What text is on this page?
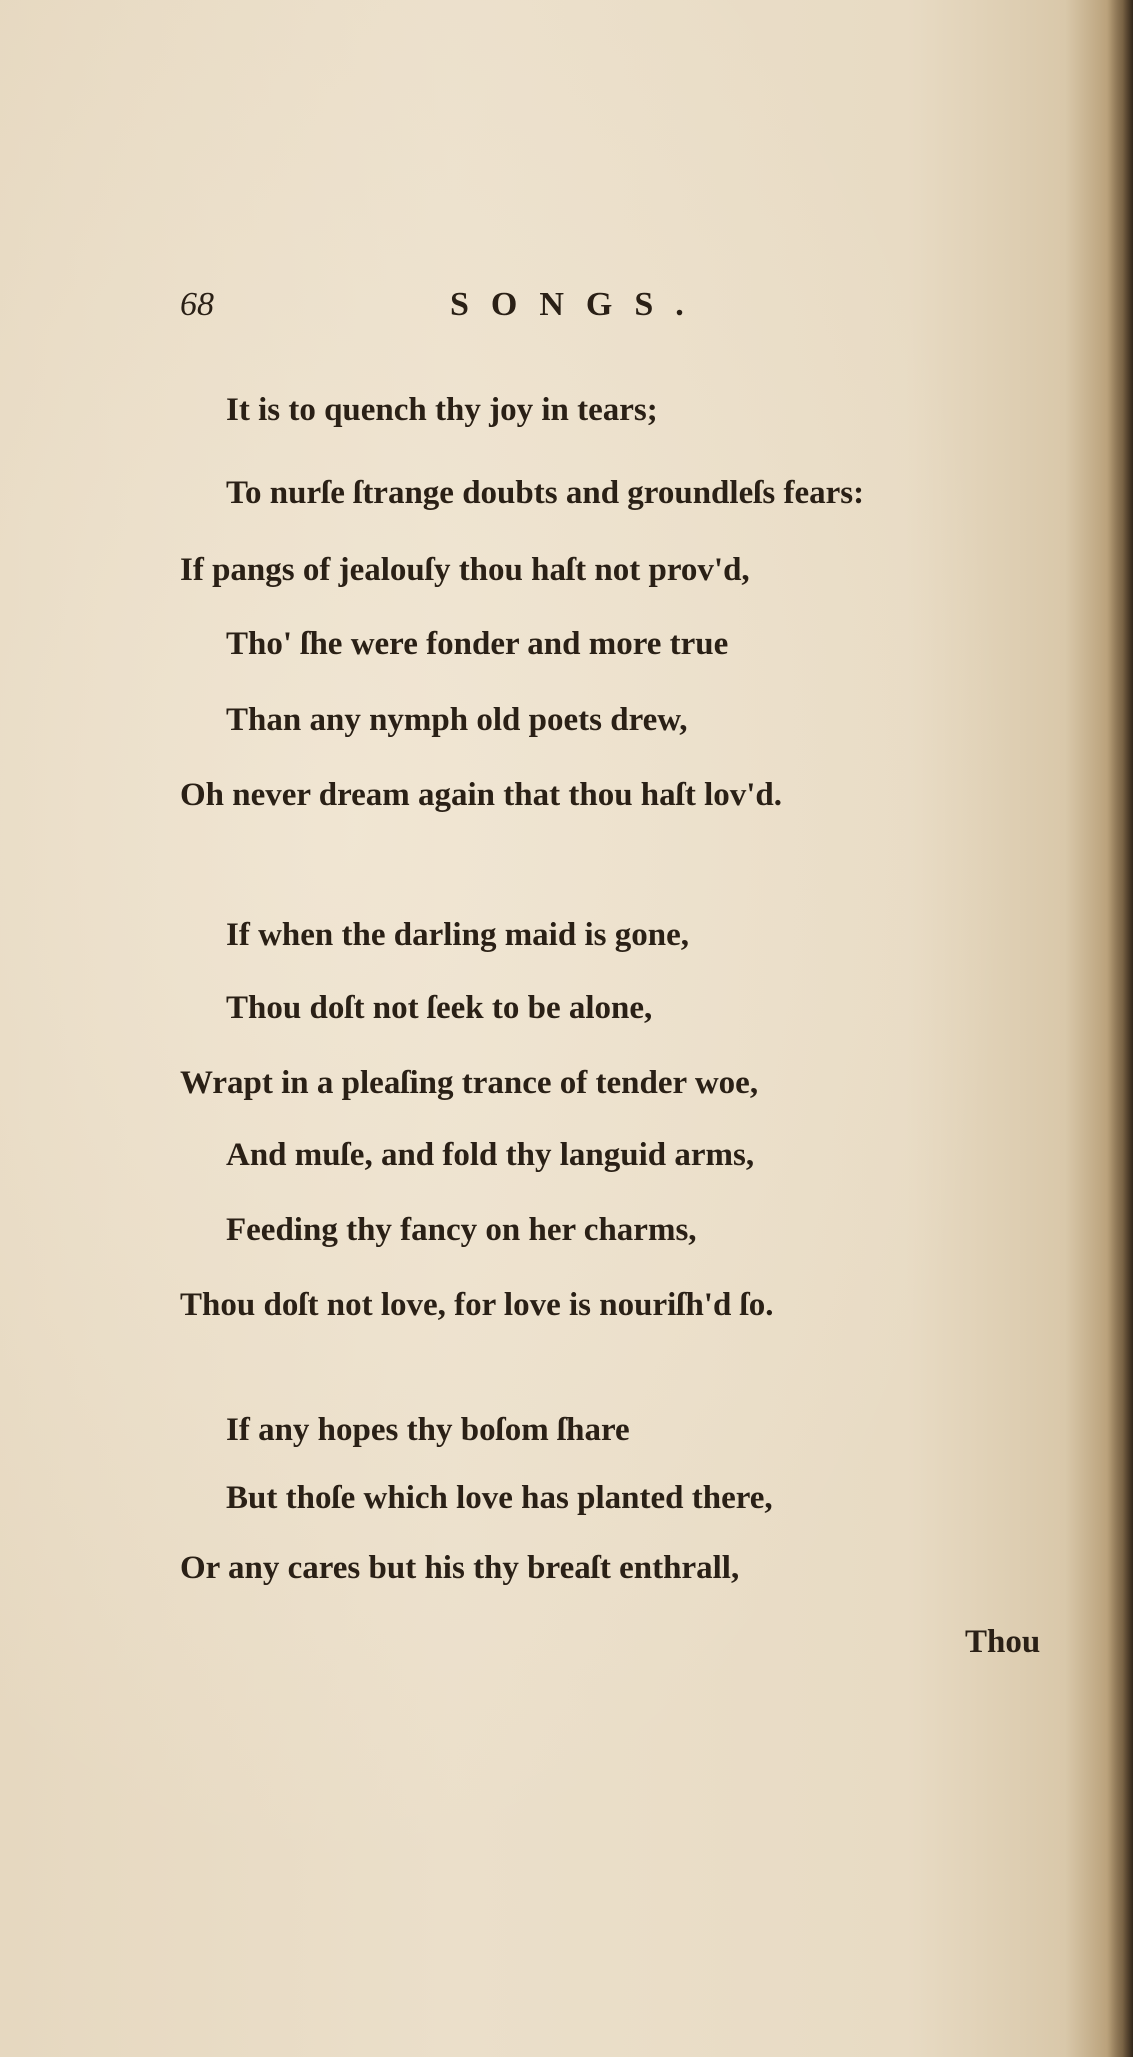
68	SONGS.
It is to quench thy joy in tears;
To nurſe ſtrange doubts and groundleſs fears:
If pangs of jealouſy thou haſt not prov'd,
Tho' ſhe were fonder and more true
Than any nymph old poets drew,
Oh never dream again that thou haſt lov'd.
If when the darling maid is gone,
Thou doſt not ſeek to be alone,
Wrapt in a pleaſing trance of tender woe,
And muſe, and fold thy languid arms,
Feeding thy fancy on her charms,
Thou doſt not love, for love is nouriſh'd ſo.
If any hopes thy boſom ſhare
But thoſe which love has planted there,
Or any cares but his thy breaſt enthrall,
Thou
